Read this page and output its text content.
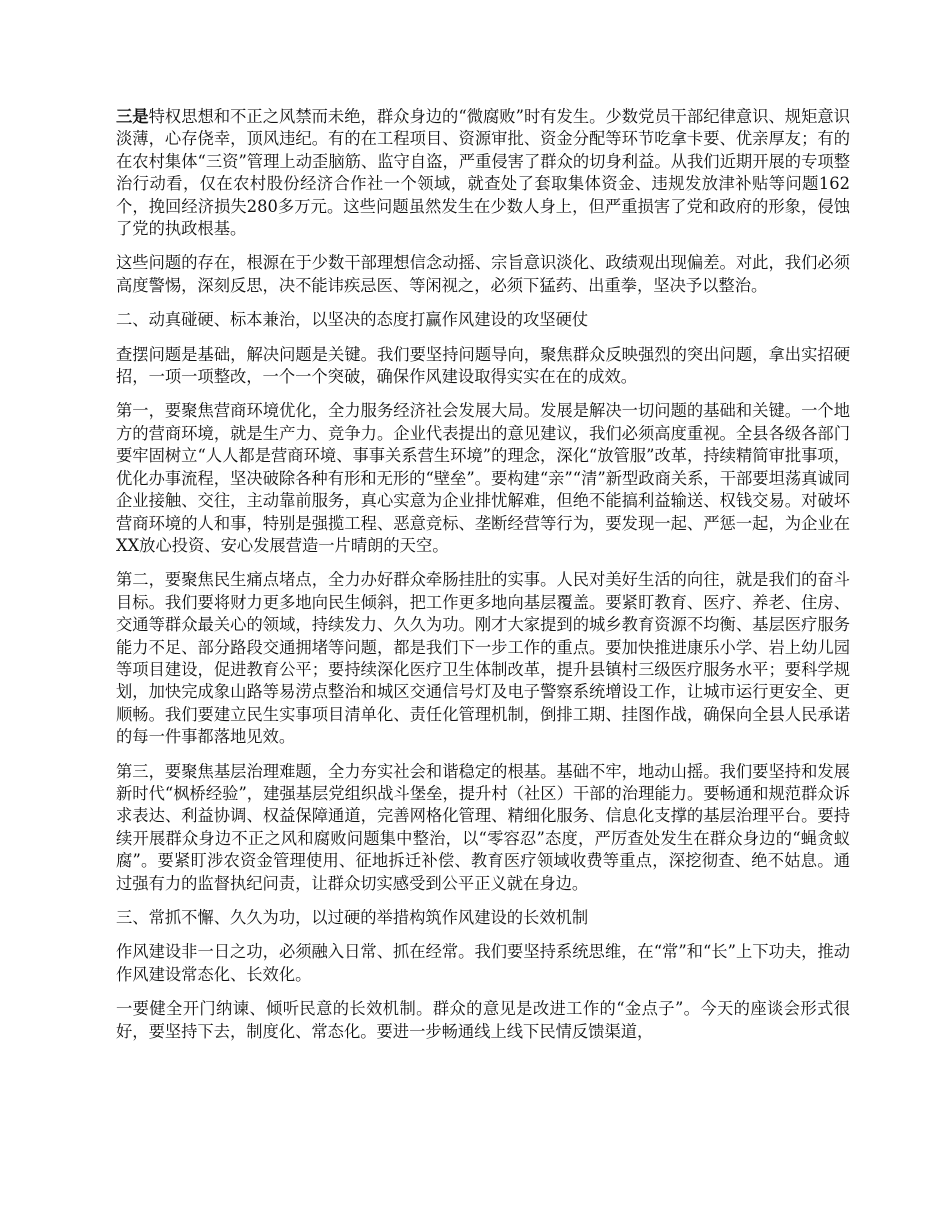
三是特权思想和不正之风禁而未绝，群众身边的“微腐败”时有发生。少数党员干部纪律意识、规矩意识淡薄，心存侥幸，顶风违纪。有的在工程项目、资源审批、资金分配等环节吃拿卡要、优亲厚友；有的在农村集体“三资”管理上动歪脑筋、监守自盗，严重侵害了群众的切身利益。从我们近期开展的专项整治行动看，仅在农村股份经济合作社一个领域，就查处了套取集体资金、违规发放津补贴等问题162个，挽回经济损失280多万元。这些问题虽然发生在少数人身上，但严重损害了党和政府的形象，侵蚀了党的执政根基。

这些问题的存在，根源在于少数干部理想信念动摇、宗旨意识淡化、政绩观出现偏差。对此，我们必须高度警惕，深刻反思，决不能讳疾忌医、等闲视之，必须下猛药、出重拳，坚决予以整治。

二、动真碰硬、标本兼治，以坚决的态度打赢作风建设的攻坚硬仗

查摆问题是基础，解决问题是关键。我们要坚持问题导向，聚焦群众反映强烈的突出问题，拿出实招硬招，一项一项整改，一个一个突破，确保作风建设取得实实在在的成效。

第一，要聚焦营商环境优化，全力服务经济社会发展大局。发展是解决一切问题的基础和关键。一个地方的营商环境，就是生产力、竞争力。企业代表提出的意见建议，我们必须高度重视。全县各级各部门要牢固树立“人人都是营商环境、事事关系营生环境”的理念，深化“放管服”改革，持续精简审批事项，优化办事流程，坚决破除各种有形和无形的“壁垒”。要构建“亲”“清”新型政商关系，干部要坦荡真诚同企业接触、交往，主动靠前服务，真心实意为企业排忧解难，但绝不能搞利益输送、权钱交易。对破坏营商环境的人和事，特别是强揽工程、恶意竞标、垄断经营等行为，要发现一起、严惩一起，为企业在XX放心投资、安心发展营造一片晴朗的天空。

第二，要聚焦民生痛点堵点，全力办好群众牵肠挂肚的实事。人民对美好生活的向往，就是我们的奋斗目标。我们要将财力更多地向民生倾斜，把工作更多地向基层覆盖。要紧盯教育、医疗、养老、住房、交通等群众最关心的领域，持续发力、久久为功。刚才大家提到的城乡教育资源不均衡、基层医疗服务能力不足、部分路段交通拥堵等问题，都是我们下一步工作的重点。要加快推进康乐小学、岩上幼儿园等项目建设，促进教育公平；要持续深化医疗卫生体制改革，提升县镇村三级医疗服务水平；要科学规划，加快完成象山路等易涝点整治和城区交通信号灯及电子警察系统增设工作，让城市运行更安全、更顺畅。我们要建立民生实事项目清单化、责任化管理机制，倒排工期、挂图作战，确保向全县人民承诺的每一件事都落地见效。

第三，要聚焦基层治理难题，全力夯实社会和谐稳定的根基。基础不牢，地动山摇。我们要坚持和发展新时代“枫桥经验”，建强基层党组织战斗堡垒，提升村（社区）干部的治理能力。要畅通和规范群众诉求表达、利益协调、权益保障通道，完善网格化管理、精细化服务、信息化支撑的基层治理平台。要持续开展群众身边不正之风和腐败问题集中整治，以“零容忍”态度，严厉查处发生在群众身边的“蝇贪蚁腐”。要紧盯涉农资金管理使用、征地拆迁补偿、教育医疗领域收费等重点，深挖彻查、绝不姑息。通过强有力的监督执纪问责，让群众切实感受到公平正义就在身边。

三、常抓不懈、久久为功，以过硬的举措构筑作风建设的长效机制

作风建设非一日之功，必须融入日常、抓在经常。我们要坚持系统思维，在“常”和“长”上下功夫，推动作风建设常态化、长效化。

一要健全开门纳谏、倾听民意的长效机制。群众的意见是改进工作的“金点子”。今天的座谈会形式很好，要坚持下去，制度化、常态化。要进一步畅通线上线下民情反馈渠道，
